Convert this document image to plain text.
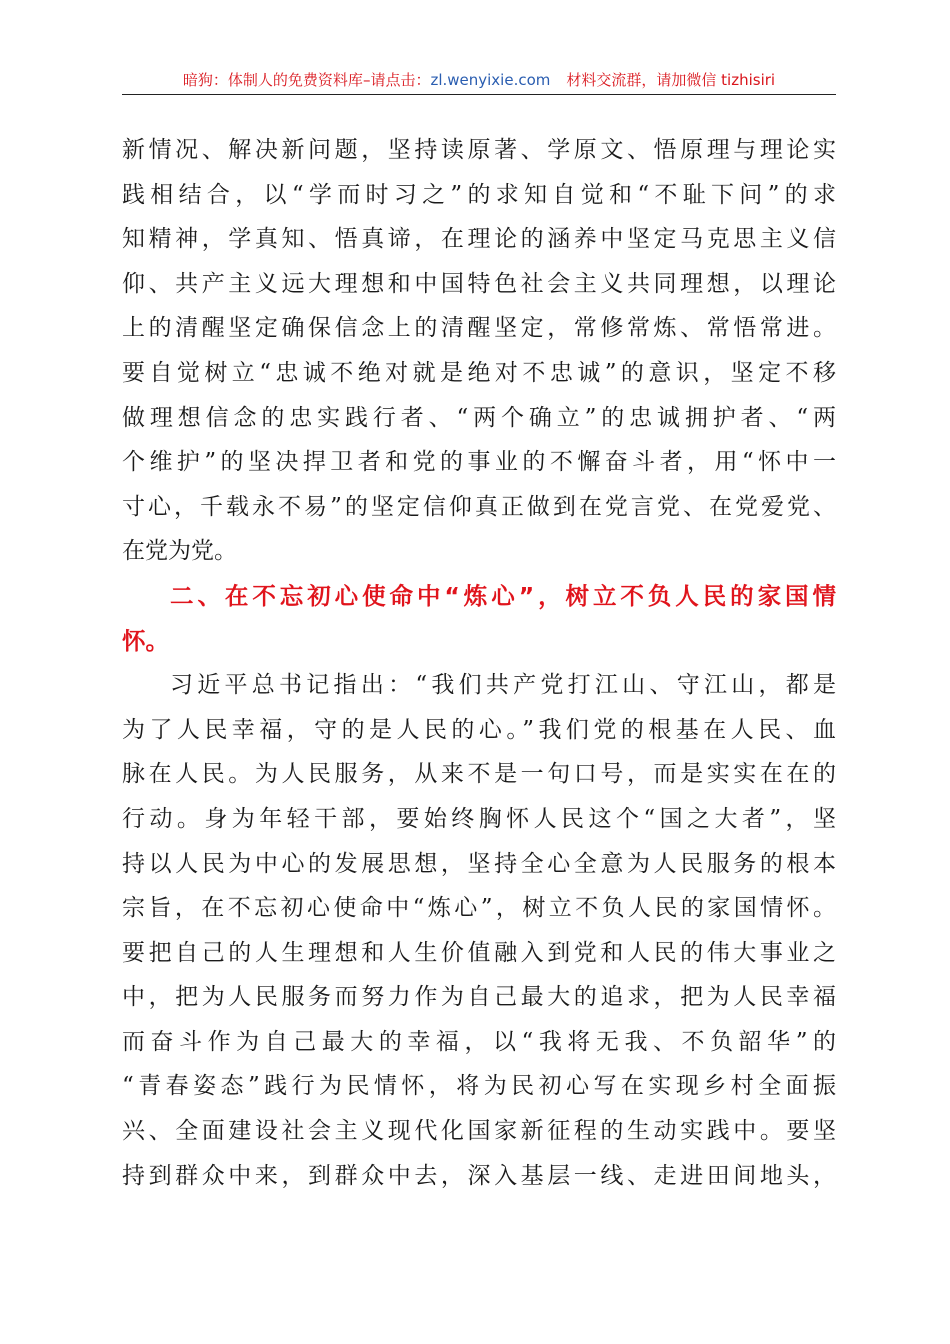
暗狗：体制人的免费资料库–请点击：zl.wenyixie.com 材料交流群，请加微信 tizhisiri
新情况、解决新问题，坚持读原著、学原文、悟原理与理论实
践相结合，以“学而时习之”的求知自觉和“不耻下问”的求
知精神，学真知、悟真谛，在理论的涵养中坚定马克思主义信
仰、共产主义远大理想和中国特色社会主义共同理想，以理论
上的清醒坚定确保信念上的清醒坚定，常修常炼、常悟常进。
要自觉树立“忠诚不绝对就是绝对不忠诚”的意识，坚定不移
做理想信念的忠实践行者、“两个确立”的忠诚拥护者、“两
个维护”的坚决捍卫者和党的事业的不懈奋斗者，用“怀中一
寸心，千载永不易”的坚定信仰真正做到在党言党、在党爱党、
在党为党。
二、在不忘初心使命中“炼心”，树立不负人民的家国情
怀。
习近平总书记指出：“我们共产党打江山、守江山，都是
为了人民幸福，守的是人民的心。”我们党的根基在人民、血
脉在人民。为人民服务，从来不是一句口号，而是实实在在的
行动。身为年轻干部，要始终胸怀人民这个“国之大者”，坚
持以人民为中心的发展思想，坚持全心全意为人民服务的根本
宗旨，在不忘初心使命中“炼心”，树立不负人民的家国情怀。
要把自己的人生理想和人生价值融入到党和人民的伟大事业之
中，把为人民服务而努力作为自己最大的追求，把为人民幸福
而奋斗作为自己最大的幸福，以“我将无我、不负韶华”的
“青春姿态”践行为民情怀，将为民初心写在实现乡村全面振
兴、全面建设社会主义现代化国家新征程的生动实践中。要坚
持到群众中来，到群众中去，深入基层一线、走进田间地头，
